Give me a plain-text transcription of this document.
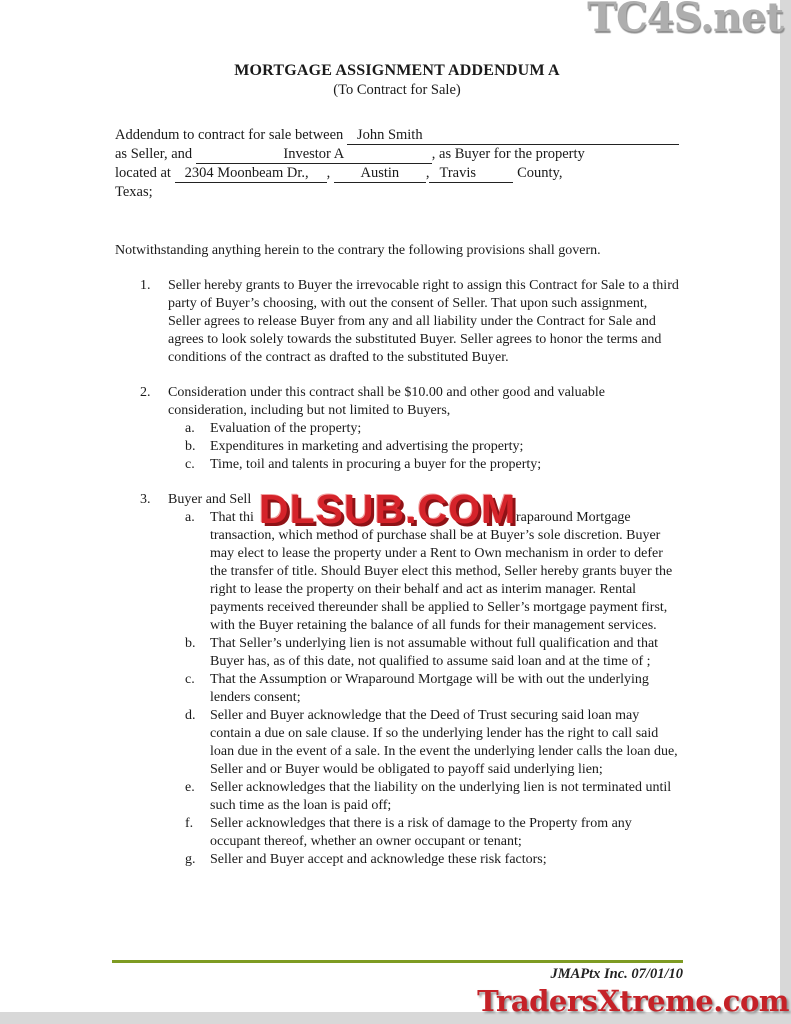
MORTGAGE ASSIGNMENT ADDENDUM A
(To Contract for Sale)
Addendum to contract for sale between John Smith
as Seller, and	Investor A	, as Buyer for the property
located at 2304 Moonbeam Dr.,	,	Austin	, Travis	County,
Texas;
Notwithstanding anything herein to the contrary the following provisions shall govern.
1.	Seller hereby grants to Buyer the irrevocable right to assign this Contract for Sale to a third party of Buyer’s choosing, with out the consent of Seller. That upon such assignment, Seller agrees to release Buyer from any and all liability under the Contract for Sale and agrees to look solely towards the substituted Buyer. Seller agrees to honor the terms and conditions of the contract as drafted to the substituted Buyer.
2.	Consideration under this contract shall be $10.00 and other good and valuable consideration, including but not limited to Buyers,
a.	Evaluation of the property;
b.	Expenditures in marketing and advertising the property;
c.	Time, toil and talents in procuring a buyer for the property;
3.	Buyer and Sell
a.	That thi	raparound Mortgage transaction, which method of purchase shall be at Buyer’s sole discretion. Buyer may elect to lease the property under a Rent to Own mechanism in order to defer the transfer of title. Should Buyer elect this method, Seller hereby grants buyer the right to lease the property on their behalf and act as interim manager. Rental payments received thereunder shall be applied to Seller’s mortgage payment first, with the Buyer retaining the balance of all funds for their management services.
b.	That Seller’s underlying lien is not assumable without full qualification and that Buyer has, as of this date, not qualified to assume said loan and at the time of ;
c.	That the Assumption or Wraparound Mortgage will be with out the underlying lenders consent;
d.	Seller and Buyer acknowledge that the Deed of Trust securing said loan may contain a due on sale clause. If so the underlying lender has the right to call said loan due in the event of a sale. In the event the underlying lender calls the loan due, Seller and or Buyer would be obligated to payoff said underlying lien;
e.	Seller acknowledges that the liability on the underlying lien is not terminated until such time as the loan is paid off;
f.	Seller acknowledges that there is a risk of damage to the Property from any occupant thereof, whether an owner occupant or tenant;
g.	Seller and Buyer accept and acknowledge these risk factors;
JMAPtx Inc. 07/01/10
TC4S.net
DLSUB.COM
TradersXtreme.com
